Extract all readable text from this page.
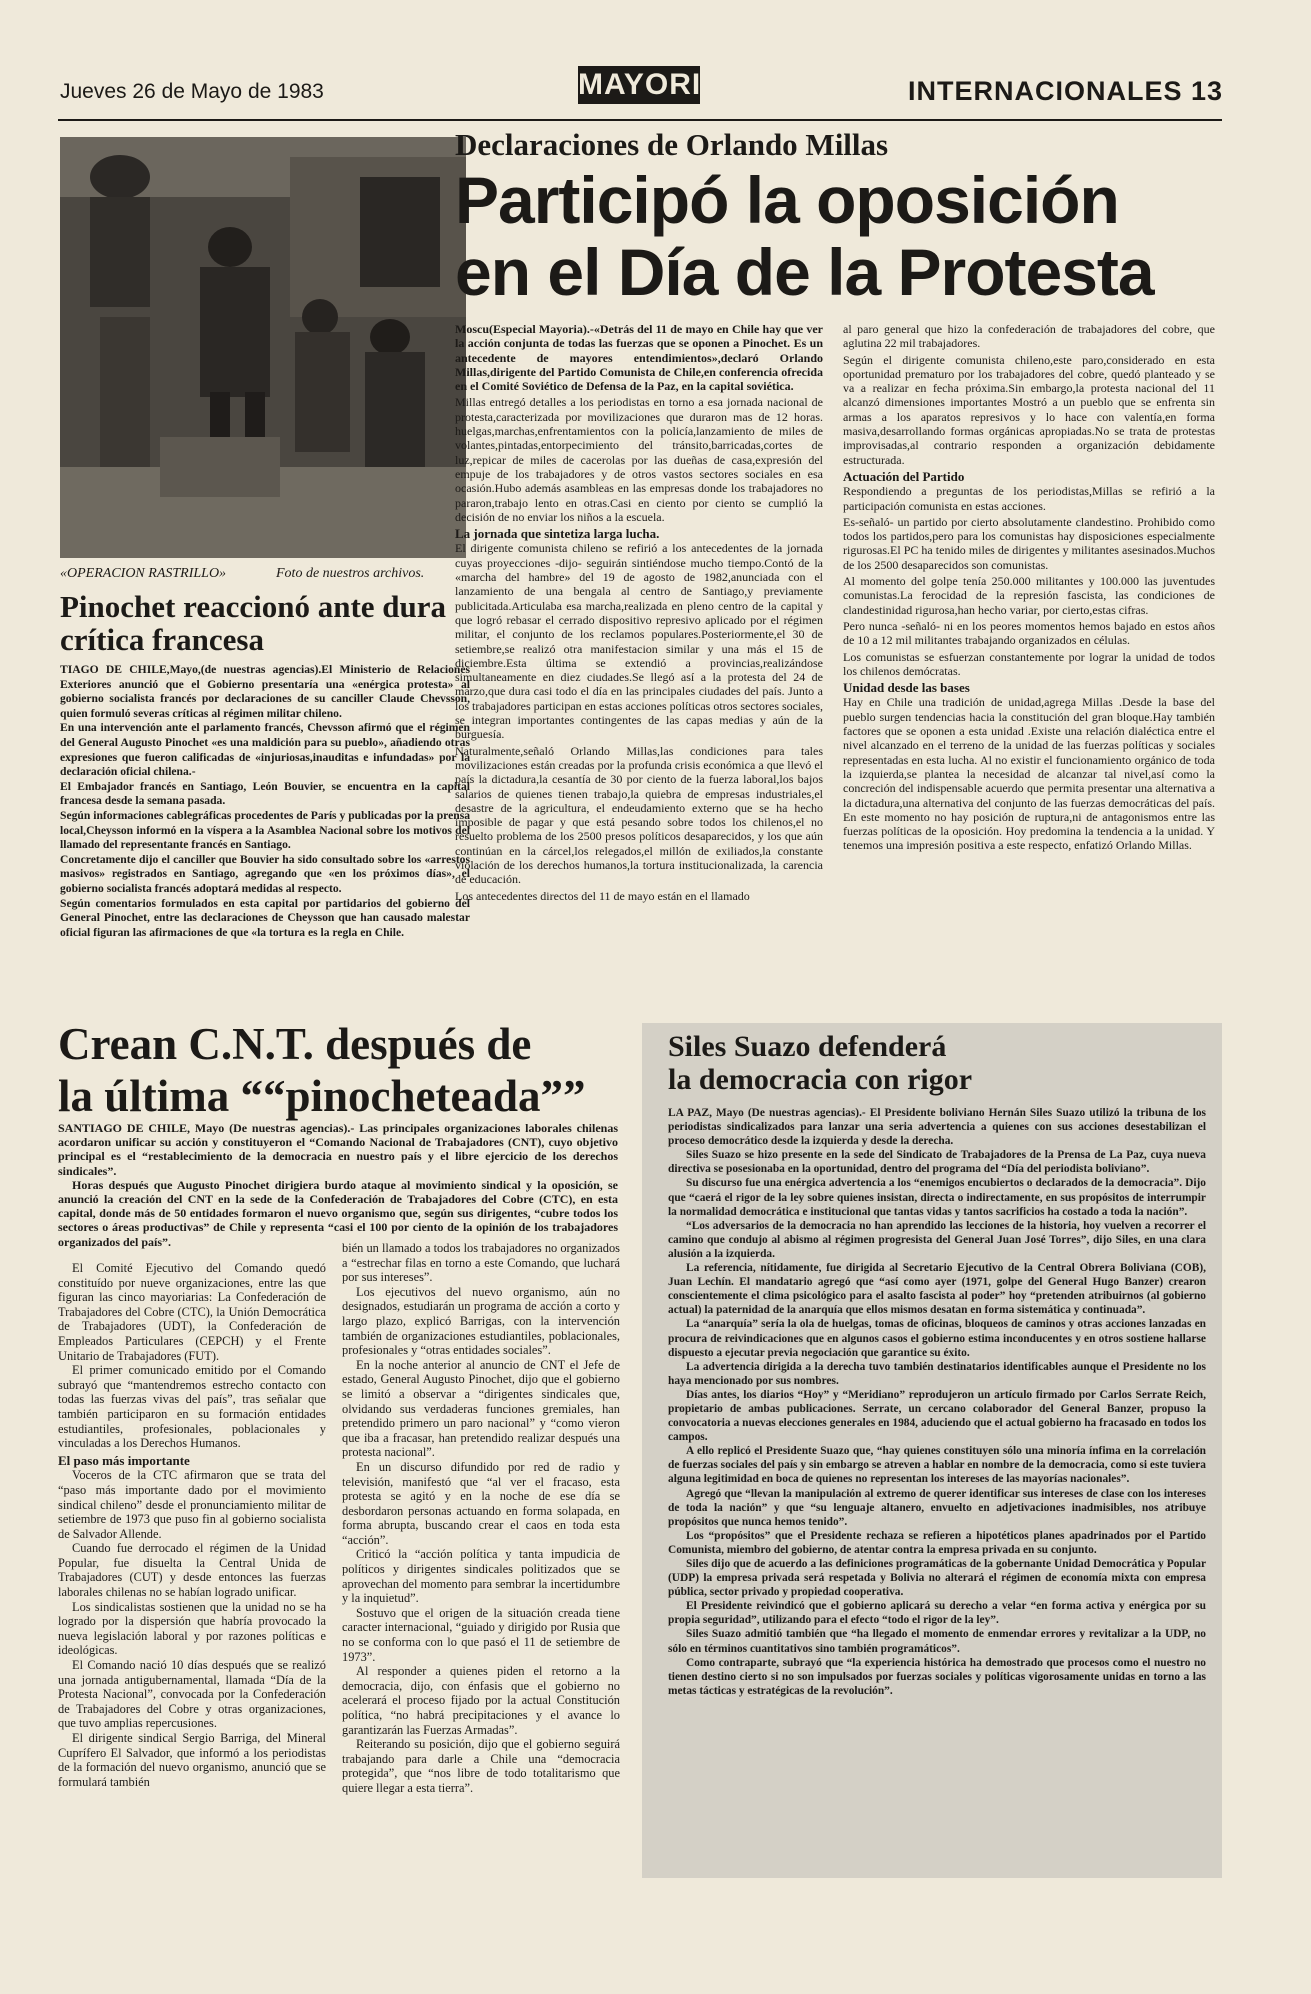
Jueves 26 de Mayo de 1983	MAYORIA	INTERNACIONALES 13
«OPERACION RASTRILLO»	Foto de nuestros archivos.
Pinochet reaccionó ante dura crítica francesa

TIAGO DE CHILE,Mayo,(de nuestras agencias).El Ministerio de Relaciones Exteriores anunció que el Gobierno presentaría una «enérgica protesta» al gobierno socialista francés por declaraciones de su canciller Claude Chevsson, quien formuló severas críticas al régimen militar chileno.

En una intervención ante el parlamento francés, Chevsson afirmó que el régimen del General Augusto Pinochet «es una maldición para su pueblo», añadiendo otras expresiones que fueron calificadas de «injuriosas,inauditas e infundadas» por la declaración oficial chilena.-

El Embajador francés en Santiago, León Bouvier, se encuentra en la capital francesa desde la semana pasada.

Según informaciones cablegráficas procedentes de París y publicadas por la prensa local,Cheysson informó en la víspera a la Asamblea Nacional sobre los motivos del llamado del representante francés en Santiago.

Concretamente dijo el canciller que Bouvier ha sido consultado sobre los «arrestos masivos» registrados en Santiago, agregando que «en los próximos días», el gobierno socialista francés adoptará medidas al respecto.

Según comentarios formulados en esta capital por partidarios del gobierno del General Pinochet, entre las declaraciones de Cheysson que han causado malestar oficial figuran las afirmaciones de que «la tortura es la regla en Chile.

Declaraciones de Orlando Millas
Participó la oposición
en el Día de la Protesta

Moscu(Especial Mayoria).-«Detrás del 11 de mayo en Chile hay que ver la acción conjunta de todas las fuerzas que se oponen a Pinochet. Es un antecedente de mayores entendimientos»,declaró Orlando Millas,dirigente del Partido Comunista de Chile,en conferencia ofrecida en el Comité Soviético de Defensa de la Paz, en la capital soviética.

Millas entregó detalles a los periodistas en torno a esa jornada nacional de protesta,caracterizada por movilizaciones que duraron mas de 12 horas. huelgas,marchas,enfrentamientos con la policía,lanzamiento de miles de volantes,pintadas,entorpecimiento del tránsito,barricadas,cortes de luz,repicar de miles de cacerolas por las dueñas de casa,expresión del empuje de los trabajadores y de otros vastos sectores sociales en esa ocasión.Hubo además asambleas en las empresas donde los trabajadores no pararon,trabajo lento en otras.Casi en ciento por ciento se cumplió la decisión de no enviar los niños a la escuela.

La jornada que sintetiza larga lucha.

El dirigente comunista chileno se refirió a los antecedentes de la jornada cuyas proyecciones -dijo- seguirán sintiéndose mucho tiempo.Contó de la «marcha del hambre» del 19 de agosto de 1982,anunciada con el lanzamiento de una bengala al centro de Santiago,y previamente publicitada.Articulaba esa marcha,realizada en pleno centro de la capital y que logró rebasar el cerrado dispositivo represivo aplicado por el régimen militar, el conjunto de los reclamos populares.Posteriormente,el 30 de setiembre,se realizó otra manifestacion similar y una más el 15 de diciembre.Esta última se extendió a provincias,realizándose simultaneamente en diez ciudades.Se llegó así a la protesta del 24 de marzo,que dura casi todo el día en las principales ciudades del país. Junto a los trabajadores participan en estas acciones políticas otros sectores sociales, se integran importantes contingentes de las capas medias y aún de la burguesía.

Naturalmente,señaló Orlando Millas,las condiciones para tales movilizaciones están creadas por la profunda crisis económica a que llevó el país la dictadura,la cesantía de 30 por ciento de la fuerza laboral,los bajos salarios de quienes tienen trabajo,la quiebra de empresas industriales,el desastre de la agricultura, el endeudamiento externo que se ha hecho imposible de pagar y que está pesando sobre todos los chilenos,el no resuelto problema de los 2500 presos políticos desaparecidos, y los que aún continúan en la cárcel,los relegados,el millón de exiliados,la constante violación de los derechos humanos,la tortura institucionalizada, la carencia de educación.

Los antecedentes directos del 11 de mayo están en el llamado

al paro general que hizo la confederación de trabajadores del cobre, que aglutina 22 mil trabajadores.

Según el dirigente comunista chileno,este paro,considerado en esta oportunidad prematuro por los trabajadores del cobre, quedó planteado y se va a realizar en fecha próxima.Sin embargo,la protesta nacional del 11 alcanzó dimensiones importantes Mostró a un pueblo que se enfrenta sin armas a los aparatos represivos y lo hace con valentía,en forma masiva,desarrollando formas orgánicas apropiadas.No se trata de protestas improvisadas,al contrario responden a organización debidamente estructurada.

Actuación del Partido

Respondiendo a preguntas de los periodistas,Millas se refirió a la participación comunista en estas acciones.

Es-señaló- un partido por cierto absolutamente clandestino. Prohibido como todos los partidos,pero para los comunistas hay disposiciones especialmente rigurosas.El PC ha tenido miles de dirigentes y militantes asesinados.Muchos de los 2500 desaparecidos son comunistas.

Al momento del golpe tenía 250.000 militantes y 100.000 las juventudes comunistas.La ferocidad de la represión fascista, las condiciones de clandestinidad rigurosa,han hecho variar, por cierto,estas cifras.

Pero nunca -señaló- ni en los peores momentos hemos bajado en estos años de 10 a 12 mil militantes trabajando organizados en células.

Los comunistas se esfuerzan constantemente por lograr la unidad de todos los chilenos demócratas.

Unidad desde las bases

Hay en Chile una tradición de unidad,agrega Millas .Desde la base del pueblo surgen tendencias hacia la constitución del gran bloque.Hay también factores que se oponen a esta unidad .Existe una relación dialéctica entre el nivel alcanzado en el terreno de la unidad de las fuerzas políticas y sociales representadas en esta lucha. Al no existir el funcionamiento orgánico de toda la izquierda,se plantea la necesidad de alcanzar tal nivel,así como la concreción del indispensable acuerdo que permita presentar una alternativa a la dictadura,una alternativa del conjunto de las fuerzas democráticas del país. En este momento no hay posición de ruptura,ni de antagonismos entre las fuerzas políticas de la oposición. Hoy predomina la tendencia a la unidad. Y tenemos una impresión positiva a este respecto, enfatizó Orlando Millas.

Crean C.N.T. después de
la última ““pinocheteada””
SANTIAGO DE CHILE, Mayo (De nuestras agencias).- Las principales organizaciones laborales chilenas acordaron unificar su acción y constituyeron el “Comando Nacional de Trabajadores (CNT), cuyo objetivo principal es el “restablecimiento de la democracia en nuestro país y el libre ejercicio de los derechos sindicales”.
Horas después que Augusto Pinochet dirigiera burdo ataque al movimiento sindical y la oposición, se anunció la creación del CNT en la sede de la Confederación de Trabajadores del Cobre (CTC), en esta capital, donde más de 50 entidades formaron el nuevo organismo que, según sus dirigentes, “cubre todos los sectores o áreas productivas” de Chile y representa “casi el 100 por ciento de la opinión de los trabajadores organizados del país”.

El Comité Ejecutivo del Comando quedó constituído por nueve organizaciones, entre las que figuran las cinco mayoriarias: La Confederación de Trabajadores del Cobre (CTC), la Unión Democrática de Trabajadores (UDT), la Confederación de Empleados Particulares (CEPCH) y el Frente Unitario de Trabajadores (FUT).

El primer comunicado emitido por el Comando subrayó que “mantendremos estrecho contacto con todas las fuerzas vivas del país”, tras señalar que también participaron en su formación entidades estudiantiles, profesionales, poblacionales y vinculadas a los Derechos Humanos.

El paso más importante

Voceros de la CTC afirmaron que se trata del “paso más importante dado por el movimiento sindical chileno” desde el pronunciamiento militar de setiembre de 1973 que puso fin al gobierno socialista de Salvador Allende.

Cuando fue derrocado el régimen de la Unidad Popular, fue disuelta la Central Unida de Trabajadores (CUT) y desde entonces las fuerzas laborales chilenas no se habían logrado unificar.

Los sindicalistas sostienen que la unidad no se ha logrado por la dispersión que habría provocado la nueva legislación laboral y por razones políticas e ideológicas.

El Comando nació 10 días después que se realizó una jornada antigubernamental, llamada “Día de la Protesta Nacional”, convocada por la Confederación de Trabajadores del Cobre y otras organizaciones, que tuvo amplias repercusiones.

El dirigente sindical Sergio Barriga, del Mineral Cuprífero El Salvador, que informó a los periodistas de la formación del nuevo organismo, anunció que se formulará también

bién un llamado a todos los trabajadores no organizados a “estrechar filas en torno a este Comando, que luchará por sus intereses”.

Los ejecutivos del nuevo organismo, aún no designados, estudiarán un programa de acción a corto y largo plazo, explicó Barrigas, con la intervención también de organizaciones estudiantiles, poblacionales, profesionales y “otras entidades sociales”.

En la noche anterior al anuncio de CNT el Jefe de estado, General Augusto Pinochet, dijo que el gobierno se limitó a observar a “dirigentes sindicales que, olvidando sus verdaderas funciones gremiales, han pretendido primero un paro nacional” y “como vieron que iba a fracasar, han pretendido realizar después una protesta nacional”.

En un discurso difundido por red de radio y televisión, manifestó que “al ver el fracaso, esta protesta se agitó y en la noche de ese día se desbordaron personas actuando en forma solapada, en forma abrupta, buscando crear el caos en toda esta “acción”.

Criticó la “acción política y tanta impudicia de políticos y dirigentes sindicales politizados que se aprovechan del momento para sembrar la incertidumbre y la inquietud”.

Sostuvo que el origen de la situación creada tiene caracter internacional, “guiado y dirigido por Rusia que no se conforma con lo que pasó el 11 de setiembre de 1973”.

Al responder a quienes piden el retorno a la democracia, dijo, con énfasis que el gobierno no acelerará el proceso fijado por la actual Constitución política, “no habrá precipitaciones y el avance lo garantizarán las Fuerzas Armadas”.

Reiterando su posición, dijo que el gobierno seguirá trabajando para darle a Chile una “democracia protegida”, que “nos libre de todo totalitarismo que quiere llegar a esta tierra”.

Siles Suazo defenderá
la democracia con rigor

LA PAZ, Mayo (De nuestras agencias).- El Presidente boliviano Hernán Siles Suazo utilizó la tribuna de los periodistas sindicalizados para lanzar una seria advertencia a quienes con sus acciones desestabilizan el proceso democrático desde la izquierda y desde la derecha.

Siles Suazo se hizo presente en la sede del Sindicato de Trabajadores de la Prensa de La Paz, cuya nueva directiva se posesionaba en la oportunidad, dentro del programa del “Día del periodista boliviano”.

Su discurso fue una enérgica advertencia a los “enemigos encubiertos o declarados de la democracia”. Dijo que “caerá el rigor de la ley sobre quienes insistan, directa o indirectamente, en sus propósitos de interrumpir la normalidad democrática e institucional que tantas vidas y tantos sacrificios ha costado a toda la nación”.

“Los adversarios de la democracia no han aprendido las lecciones de la historia, hoy vuelven a recorrer el camino que condujo al abismo al régimen progresista del General Juan José Torres”, dijo Siles, en una clara alusión a la izquierda.

La referencia, nítidamente, fue dirigida al Secretario Ejecutivo de la Central Obrera Boliviana (COB), Juan Lechín. El mandatario agregó que “así como ayer (1971, golpe del General Hugo Banzer) crearon conscientemente el clima psicológico para el asalto fascista al poder” hoy “pretenden atribuirnos (al gobierno actual) la paternidad de la anarquía que ellos mismos desatan en forma sistemática y continuada”.

La “anarquía” sería la ola de huelgas, tomas de oficinas, bloqueos de caminos y otras acciones lanzadas en procura de reivindicaciones que en algunos casos el gobierno estima inconducentes y en otros sostiene hallarse dispuesto a ejecutar previa negociación que garantice su éxito.

La advertencia dirigida a la derecha tuvo también destinatarios identificables aunque el Presidente no los haya mencionado por sus nombres.

Días antes, los diarios “Hoy” y “Meridiano” reprodujeron un artículo firmado por Carlos Serrate Reich, propietario de ambas publicaciones. Serrate, un cercano colaborador del General Banzer, propuso la convocatoria a nuevas elecciones generales en 1984, aduciendo que el actual gobierno ha fracasado en todos los campos.

A ello replicó el Presidente Suazo que, “hay quienes constituyen sólo una minoría ínfima en la correlación de fuerzas sociales del país y sin embargo se atreven a hablar en nombre de la democracia, como si este tuviera alguna legitimidad en boca de quienes no representan los intereses de las mayorías nacionales”.

Agregó que “llevan la manipulación al extremo de querer identificar sus intereses de clase con los intereses de toda la nación” y que “su lenguaje altanero, envuelto en adjetivaciones inadmisibles, nos atribuye propósitos que nunca hemos tenido”.

Los “propósitos” que el Presidente rechaza se refieren a hipotéticos planes apadrinados por el Partido Comunista, miembro del gobierno, de atentar contra la empresa privada en su conjunto.

Siles dijo que de acuerdo a las definiciones programáticas de la gobernante Unidad Democrática y Popular (UDP) la empresa privada será respetada y Bolivia no alterará el régimen de economía mixta con empresa pública, sector privado y propiedad cooperativa.

El Presidente reivindicó que el gobierno aplicará su derecho a velar “en forma activa y enérgica por su propia seguridad”, utilizando para el efecto “todo el rigor de la ley”.

Siles Suazo admitió también que “ha llegado el momento de enmendar errores y revitalizar a la UDP, no sólo en términos cuantitativos sino también programáticos”.

Como contraparte, subrayó que “la experiencia histórica ha demostrado que procesos como el nuestro no tienen destino cierto si no son impulsados por fuerzas sociales y políticas vigorosamente unidas en torno a las metas tácticas y estratégicas de la revolución”.
